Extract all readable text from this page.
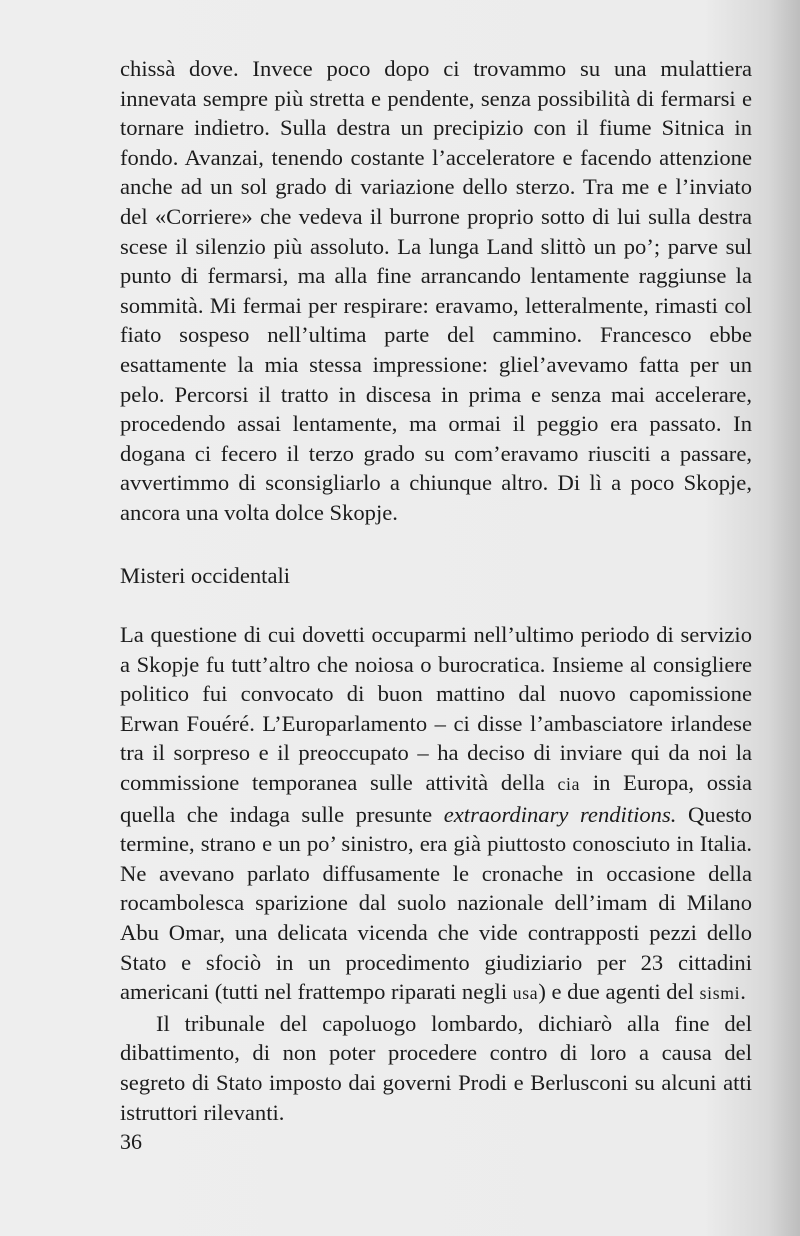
chissà dove. Invece poco dopo ci trovammo su una mulattiera innevata sempre più stretta e pendente, senza possibilità di fermarsi e tornare indietro. Sulla destra un precipizio con il fiume Sitnica in fondo. Avanzai, tenendo costante l’acceleratore e facendo attenzione anche ad un sol grado di variazione dello sterzo. Tra me e l’inviato del «Corriere» che vedeva il burrone proprio sotto di lui sulla destra scese il silenzio più assoluto. La lunga Land slittò un po’; parve sul punto di fermarsi, ma alla fine arrancando lentamente raggiunse la sommità. Mi fermai per respirare: eravamo, letteralmente, rimasti col fiato sospeso nell’ultima parte del cammino. Francesco ebbe esattamente la mia stessa impressione: gliel’avevamo fatta per un pelo. Percorsi il tratto in discesa in prima e senza mai accelerare, procedendo assai lentamente, ma ormai il peggio era passato. In dogana ci fecero il terzo grado su com’eravamo riusciti a passare, avvertimmo di sconsigliarlo a chiunque altro. Di lì a poco Skopje, ancora una volta dolce Skopje.

Misteri occidentali

La questione di cui dovetti occuparmi nell’ultimo periodo di servizio a Skopje fu tutt’altro che noiosa o burocratica. Insieme al consigliere politico fui convocato di buon mattino dal nuovo capomissione Erwan Fouéré. L’Europarlamento – ci disse l’ambasciatore irlandese tra il sorpreso e il preoccupato – ha deciso di inviare qui da noi la commissione temporanea sulle attività della cia in Europa, ossia quella che indaga sulle presunte extraordinary renditions. Questo termine, strano e un po’ sinistro, era già piuttosto conosciuto in Italia. Ne avevano parlato diffusamente le cronache in occasione della rocambolesca sparizione dal suolo nazionale dell’imam di Milano Abu Omar, una delicata vicenda che vide contrapposti pezzi dello Stato e sfociò in un procedimento giudiziario per 23 cittadini americani (tutti nel frattempo riparati negli usa) e due agenti del sismi.

Il tribunale del capoluogo lombardo, dichiarò alla fine del dibattimento, di non poter procedere contro di loro a causa del segreto di Stato imposto dai governi Prodi e Berlusconi su alcuni atti istruttori rilevanti.

36
